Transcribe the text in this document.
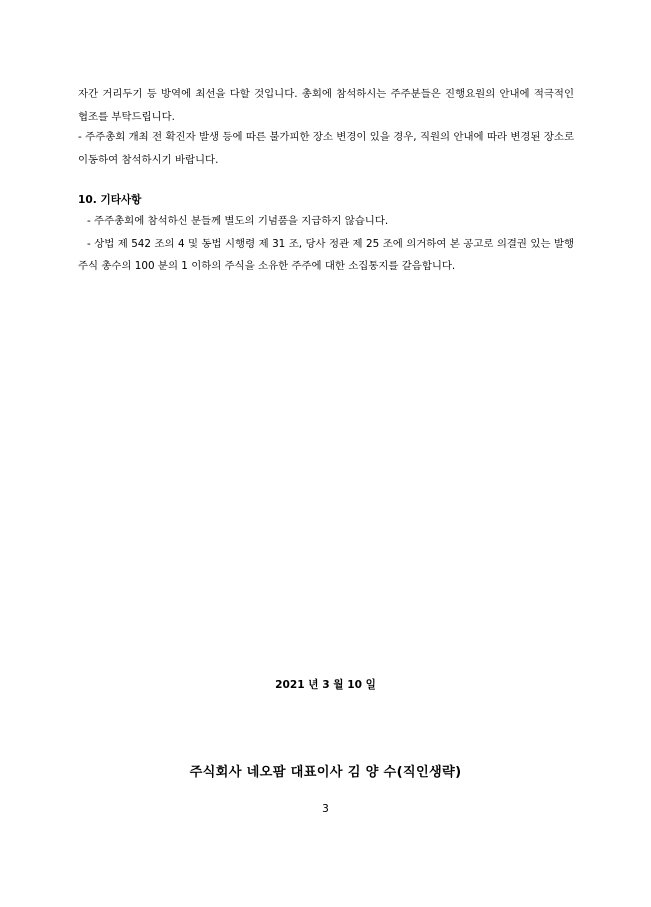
자간 거리두기 등 방역에 최선을 다할 것입니다. 총회에 참석하시는 주주분들은 진행요원의 안내에 적극적인 협조를 부탁드립니다.

- 주주총회 개최 전 확진자 발생 등에 따른 불가피한 장소 변경이 있을 경우, 직원의 안내에 따라 변경된 장소로 이동하여 참석하시기 바랍니다.

10. 기타사항

- 주주총회에 참석하신 분들께 별도의 기념품을 지급하지 않습니다.

- 상법 제 542 조의 4 및 동법 시행령 제 31 조, 당사 정관 제 25 조에 의거하여 본 공고로 의결권 있는 발행주식 총수의 100 분의 1 이하의 주식을 소유한 주주에 대한 소집통지를 갈음합니다.

2021 년 3 월 10 일
주식회사 네오팜 대표이사 김 양 수(직인생략)
3
